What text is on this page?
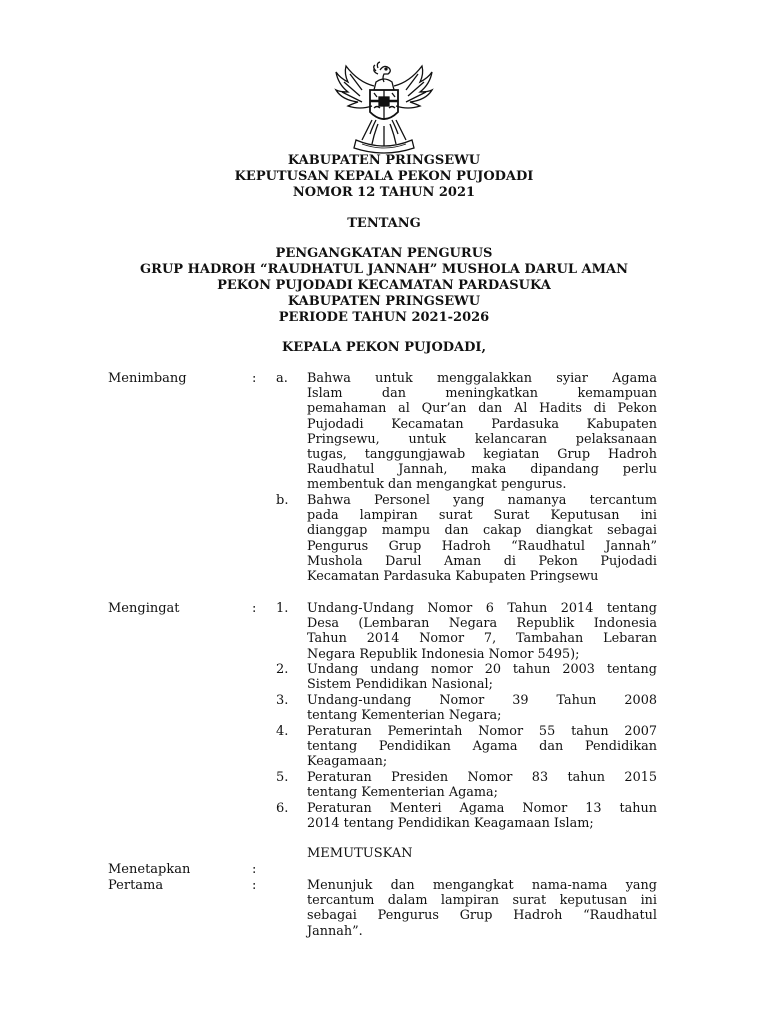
KABUPATEN PRINGSEWU
KEPUTUSAN KEPALA PEKON PUJODADI
NOMOR 12 TAHUN 2021
TENTANG
PENGANGKATAN PENGURUS
GRUP HADROH “RAUDHATUL JANNAH” MUSHOLA DARUL AMAN
PEKON PUJODADI KECAMATAN PARDASUKA
KABUPATEN PRINGSEWU
PERIODE TAHUN 2021-2026
KEPALA PEKON PUJODADI,
Menimbang	: a. Bahwa untuk menggalakkan syiar Agama
Islam dan meningkatkan kemampuan
pemahaman al Qur’an dan Al Hadits di Pekon
Pujodadi Kecamatan Pardasuka Kabupaten
Pringsewu, untuk kelancaran pelaksanaan
tugas, tanggungjawab kegiatan Grup Hadroh
Raudhatul Jannah, maka dipandang perlu
membentuk dan mengangkat pengurus.
b. Bahwa Personel yang namanya tercantum
pada lampiran surat Surat Keputusan ini
dianggap mampu dan cakap diangkat sebagai
Pengurus Grup Hadroh “Raudhatul Jannah”
Mushola Darul Aman di Pekon Pujodadi
Kecamatan Pardasuka Kabupaten Pringsewu
Mengingat	: 1. Undang-Undang Nomor 6 Tahun 2014 tentang
Desa (Lembaran Negara Republik Indonesia
Tahun 2014 Nomor 7, Tambahan Lebaran
Negara Republik Indonesia Nomor 5495);
2. Undang undang nomor 20 tahun 2003 tentang
Sistem Pendidikan Nasional;
3. Undang-undang Nomor 39 Tahun 2008
tentang Kementerian Negara;
4. Peraturan Pemerintah Nomor 55 tahun 2007
tentang Pendidikan Agama dan Pendidikan
Keagamaan;
5. Peraturan Presiden Nomor 83 tahun 2015
tentang Kementerian Agama;
6. Peraturan Menteri Agama Nomor 13 tahun
2014 tentang Pendidikan Keagamaan Islam;
MEMUTUSKAN
Menetapkan	:
Pertama	:	Menunjuk dan mengangkat nama-nama yang
tercantum dalam lampiran surat keputusan ini
sebagai Pengurus Grup Hadroh “Raudhatul
Jannah”.
